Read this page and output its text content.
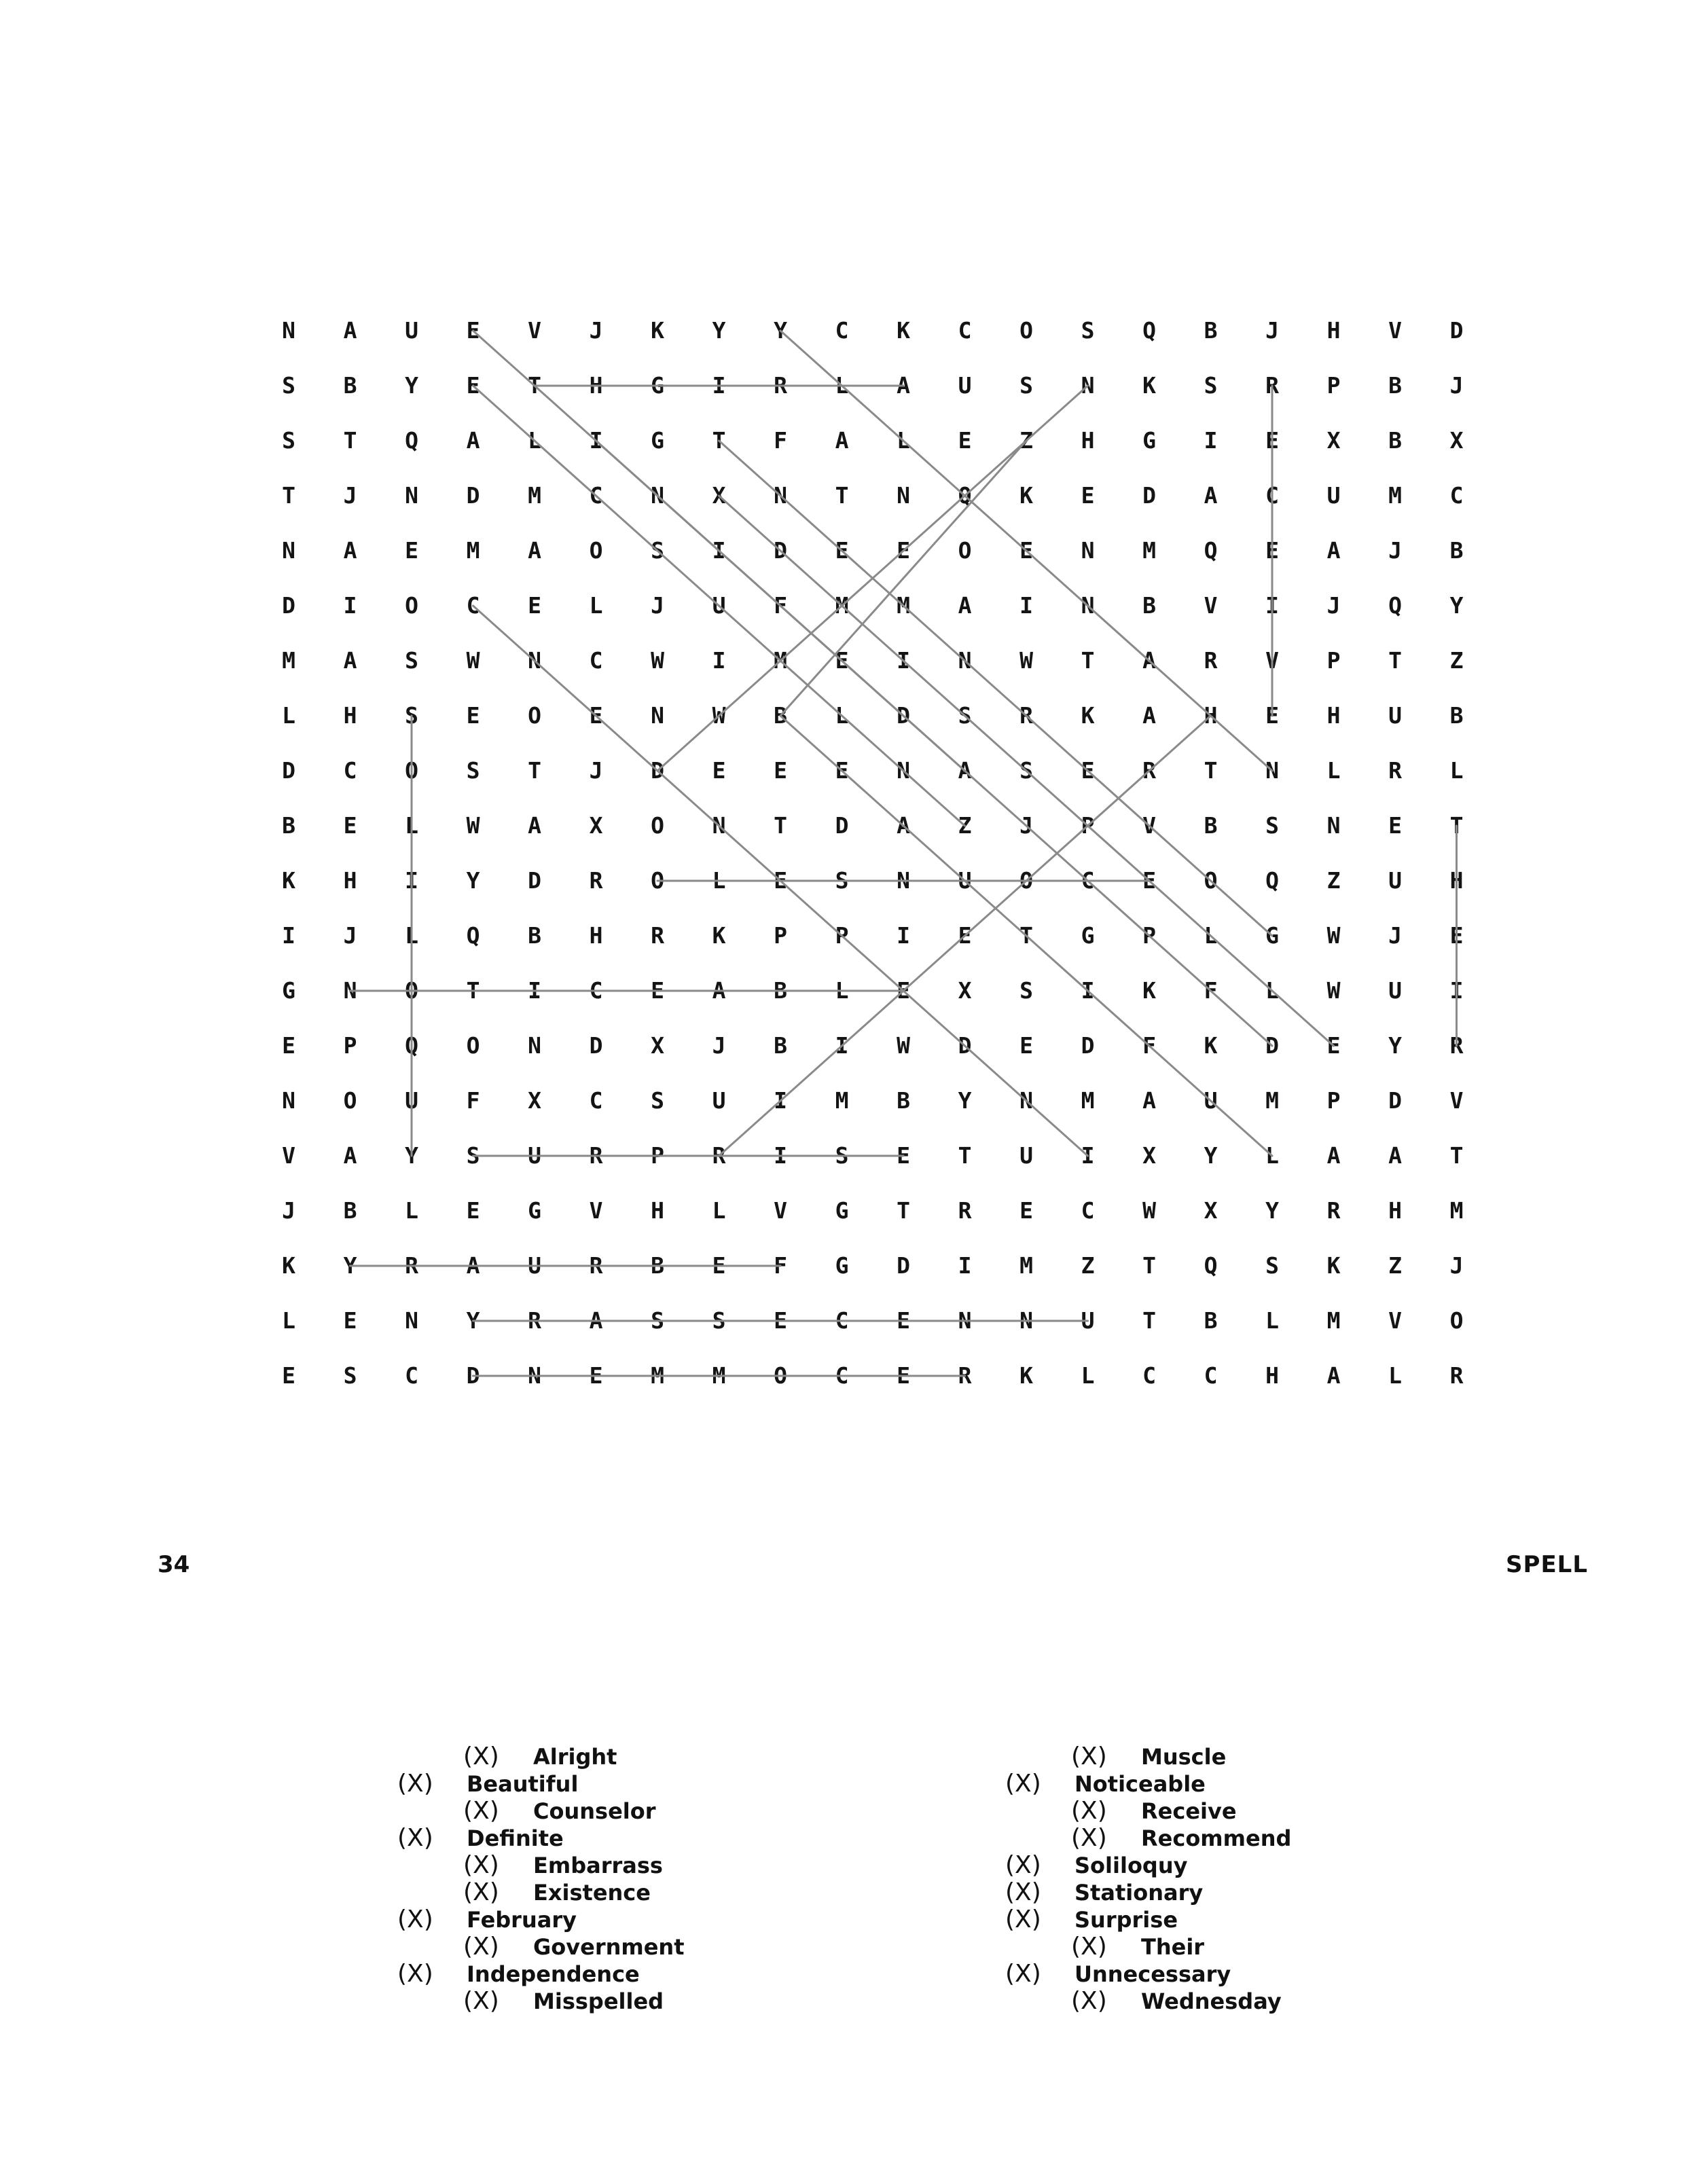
N	A	U	E	V	J	K	Y	Y	C	K	C	O	S	Q	B	J	H	V	D
S	B	Y	E	T	H	G	I	R	L	A	U	S	N	K	S	R	P	B	J
S	T	Q	A	L	I	G	T	F	A	L	E	Z	H	G	I	E	X	B	X
T	J	N	D	M	C	N	X	N	T	N	Q	K	E	D	A	C	U	M	C
N	A	E	M	A	O	S	I	D	E	E	O	E	N	M	Q	E	A	J	B
D	I	O	C	E	L	J	U	F	M	M	A	I	N	B	V	I	J	Q	Y
M	A	S	W	N	C	W	I	M	E	I	N	W	T	A	R	V	P	T	Z
L	H	S	E	O	E	N	W	B	L	D	S	R	K	A	H	E	H	U	B
D	C	O	S	T	J	D	E	E	E	N	A	S	E	R	T	N	L	R	L
B	E	L	W	A	X	O	N	T	D	A	Z	J	P	V	B	S	N	E	T
K	H	I	Y	D	R	O	L	E	S	N	U	O	C	E	O	Q	Z	U	H
I	J	L	Q	B	H	R	K	P	P	I	E	T	G	P	L	G	W	J	E
G	N	O	T	I	C	E	A	B	L	E	X	S	I	K	F	L	W	U	I
E	P	Q	O	N	D	X	J	B	I	W	D	E	D	F	K	D	E	Y	R
N	O	U	F	X	C	S	U	I	M	B	Y	N	M	A	U	M	P	D	V
V	A	Y	S	U	R	P	R	I	S	E	T	U	I	X	Y	L	A	A	T
J	B	L	E	G	V	H	L	V	G	T	R	E	C	W	X	Y	R	H	M
K	Y	R	A	U	R	B	E	F	G	D	I	M	Z	T	Q	S	K	Z	J
L	E	N	Y	R	A	S	S	E	C	E	N	N	U	T	B	L	M	V	O
E	S	C	D	N	E	M	M	O	C	E	R	K	L	C	C	H	A	L	R
34	SPELL
(X)	Alright
(X)	Beautiful
(X)	Counselor
(X)	Definite
(X)	Embarrass
(X)	Existence
(X)	February
(X)	Government
(X)	Independence
(X)	Misspelled
(X)	Muscle
(X)	Noticeable
(X)	Receive
(X)	Recommend
(X)	Soliloquy
(X)	Stationary
(X)	Surprise
(X)	Their
(X)	Unnecessary
(X)	Wednesday
